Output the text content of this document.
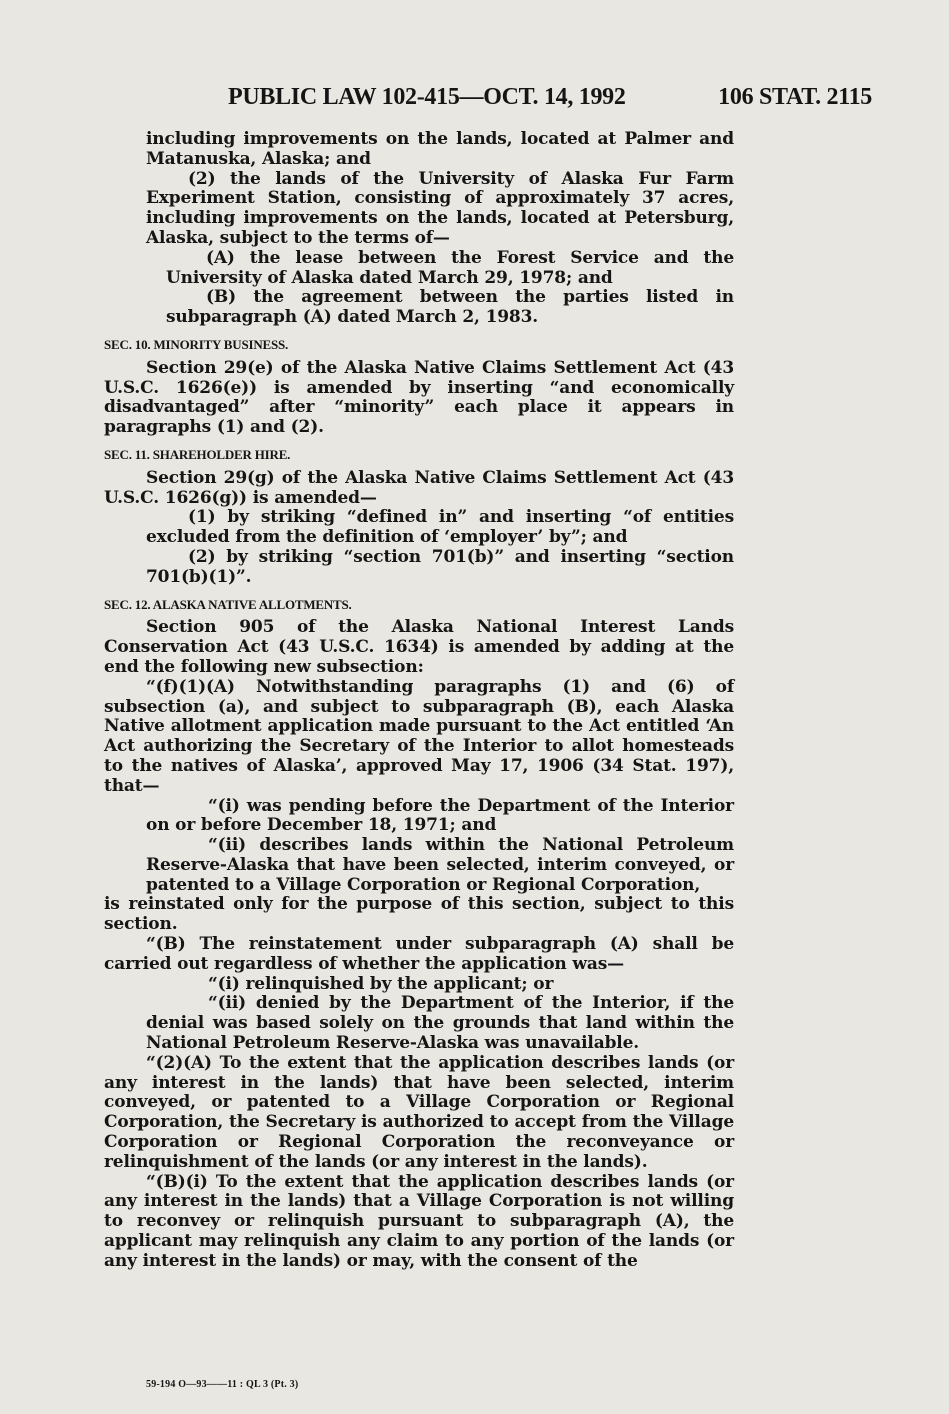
PUBLIC LAW 102-415—OCT. 14, 1992	106 STAT. 2115

including improvements on the lands, located at Palmer and Matanuska, Alaska; and

(2) the lands of the University of Alaska Fur Farm Experiment Station, consisting of approximately 37 acres, including improvements on the lands, located at Petersburg, Alaska, subject to the terms of—

(A) the lease between the Forest Service and the University of Alaska dated March 29, 1978; and

(B) the agreement between the parties listed in subparagraph (A) dated March 2, 1983.

SEC. 10. MINORITY BUSINESS.

Section 29(e) of the Alaska Native Claims Settlement Act (43 U.S.C. 1626(e)) is amended by inserting “and economically disadvantaged” after “minority” each place it appears in paragraphs (1) and (2).

SEC. 11. SHAREHOLDER HIRE.

Section 29(g) of the Alaska Native Claims Settlement Act (43 U.S.C. 1626(g)) is amended—

(1) by striking “defined in” and inserting “of entities excluded from the definition of ‘employer’ by”; and

(2) by striking “section 701(b)” and inserting “section 701(b)(1)”.

SEC. 12. ALASKA NATIVE ALLOTMENTS.

Section 905 of the Alaska National Interest Lands Conservation Act (43 U.S.C. 1634) is amended by adding at the end the following new subsection:

“(f)(1)(A) Notwithstanding paragraphs (1) and (6) of subsection (a), and subject to subparagraph (B), each Alaska Native allotment application made pursuant to the Act entitled ‘An Act authorizing the Secretary of the Interior to allot homesteads to the natives of Alaska’, approved May 17, 1906 (34 Stat. 197), that—

“(i) was pending before the Department of the Interior on or before December 18, 1971; and

“(ii) describes lands within the National Petroleum Reserve-Alaska that have been selected, interim conveyed, or patented to a Village Corporation or Regional Corporation,

is reinstated only for the purpose of this section, subject to this section.

“(B) The reinstatement under subparagraph (A) shall be carried out regardless of whether the application was—

“(i) relinquished by the applicant; or

“(ii) denied by the Department of the Interior, if the denial was based solely on the grounds that land within the National Petroleum Reserve-Alaska was unavailable.

“(2)(A) To the extent that the application describes lands (or any interest in the lands) that have been selected, interim conveyed, or patented to a Village Corporation or Regional Corporation, the Secretary is authorized to accept from the Village Corporation or Regional Corporation the reconveyance or relinquishment of the lands (or any interest in the lands).

“(B)(i) To the extent that the application describes lands (or any interest in the lands) that a Village Corporation is not willing to reconvey or relinquish pursuant to subparagraph (A), the applicant may relinquish any claim to any portion of the lands (or any interest in the lands) or may, with the consent of the

59-194 O—93——11 : QL 3 (Pt. 3)
